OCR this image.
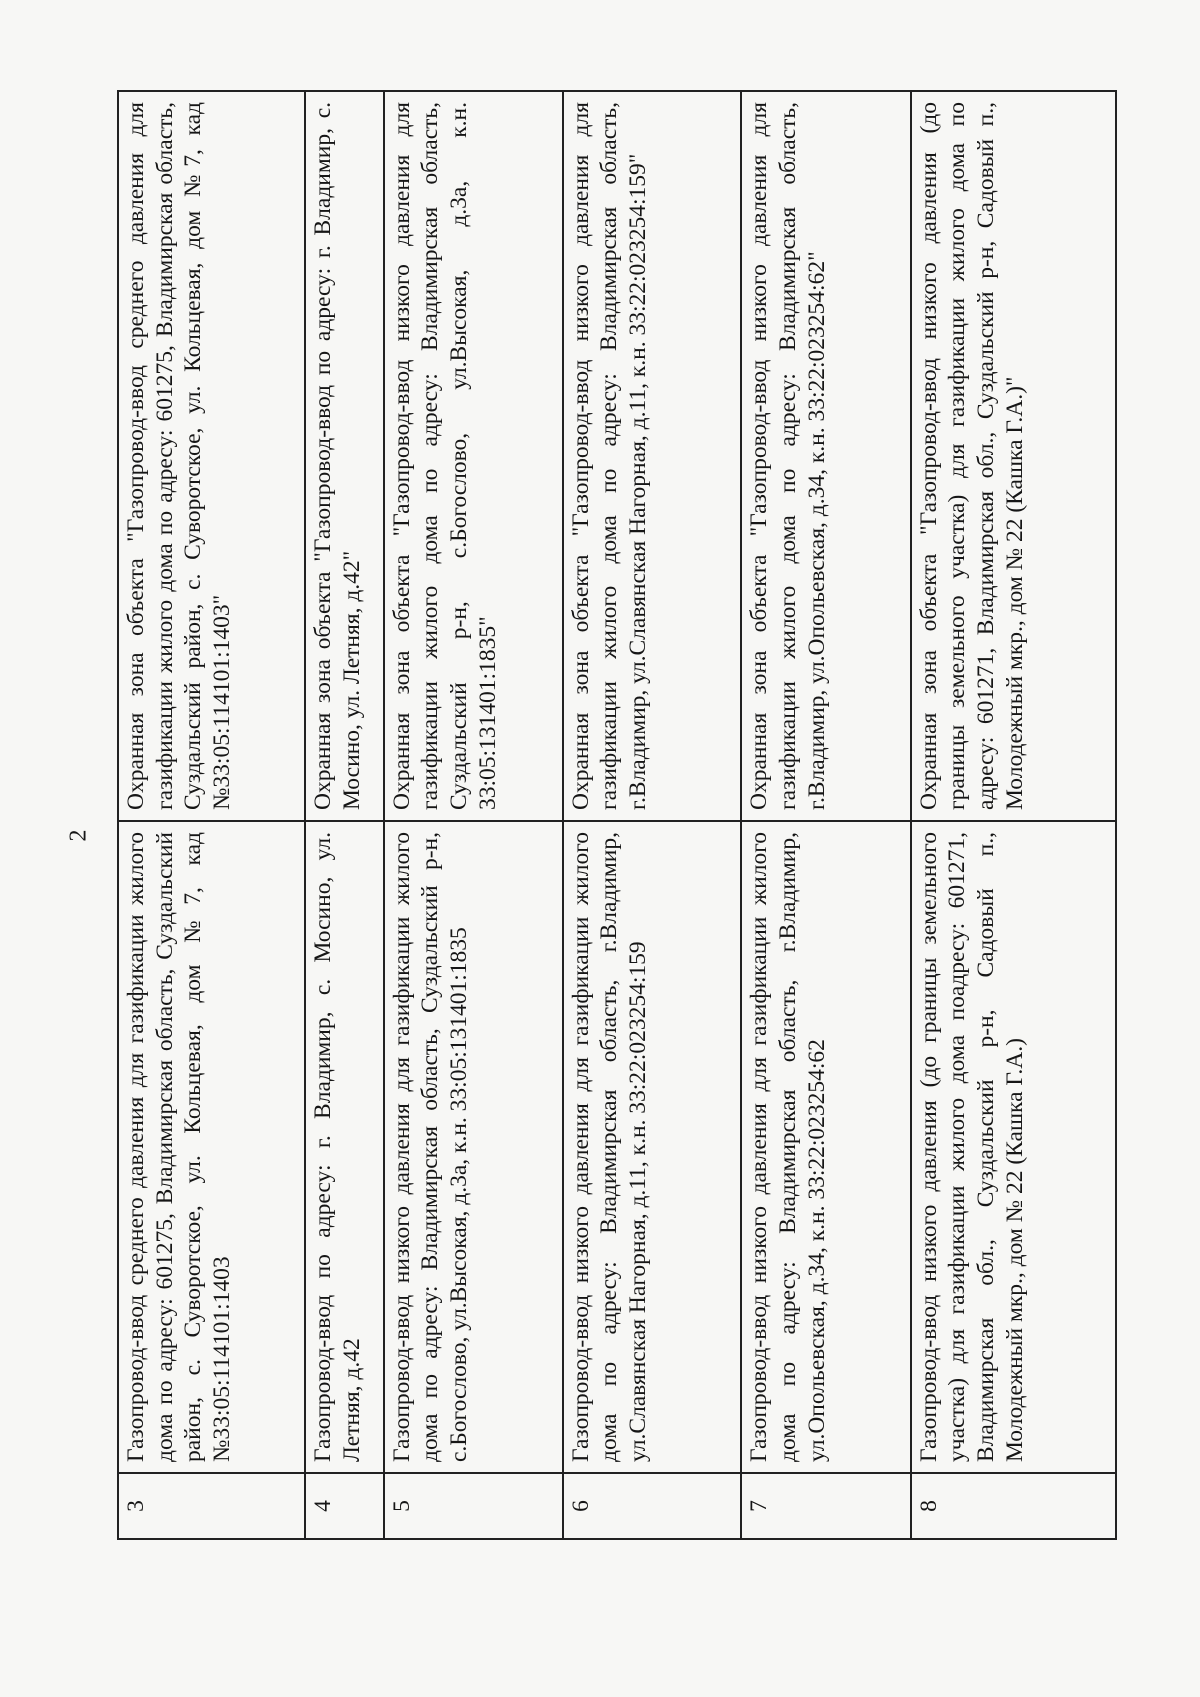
2
3	Газопровод-ввод среднего давления для газификации жилого дома по адресу: 601275, Владимирская область, Суздальский район, с. Суворотское, ул. Кольцевая, дом №7, кад №33:05:114101:1403	Охранная зона объекта "Газопровод-ввод среднего давления для газификации жилого дома по адресу: 601275, Владимирская область, Суздальский район, с. Суворотское, ул. Кольцевая, дом №7, кад №33:05:114101:1403"
4	Газопровод-ввод по адресу: г. Владимир, с. Мосино, ул. Летняя, д.42	Охранная зона объекта "Газопровод-ввод по адресу: г. Владимир, с. Мосино, ул. Летняя, д.42"
5	Газопровод-ввод низкого давления для газификации жилого дома по адресу: Владимирская область, Суздальский р-н, с.Богослово, ул.Высокая, д.3а, к.н. 33:05:131401:1835	Охранная зона объекта "Газопровод-ввод низкого давления для газификации жилого дома по адресу: Владимирская область, Суздальский р-н, с.Богослово, ул.Высокая, д.3а, к.н. 33:05:131401:1835"
6	Газопровод-ввод низкого давления для газификации жилого дома по адресу: Владимирская область, г.Владимир, ул.Славянская Нагорная, д.11, к.н. 33:22:023254:159	Охранная зона объекта "Газопровод-ввод низкого давления для газификации жилого дома по адресу: Владимирская область, г.Владимир, ул.Славянская Нагорная, д.11, к.н. 33:22:023254:159"
7	Газопровод-ввод низкого давления для газификации жилого дома по адресу: Владимирская область, г.Владимир, ул.Опольевская, д.34, к.н. 33:22:023254:62	Охранная зона объекта "Газопровод-ввод низкого давления для газификации жилого дома по адресу: Владимирская область, г.Владимир, ул.Опольевская, д.34, к.н. 33:22:023254:62"
8	Газопровод-ввод низкого давления (до границы земельного участка) для газификации жилого дома поадресу: 601271, Владимирская обл., Суздальский р-н, Садовый п., Молодежный мкр., дом № 22 (Кашка Г.А.)	Охранная зона объекта "Газопровод-ввод низкого давления (до границы земельного участка) для газификации жилого дома по адресу: 601271, Владимирская обл., Суздальский р-н, Садовый п., Молодежный мкр., дом № 22 (Кашка Г.А.)"
